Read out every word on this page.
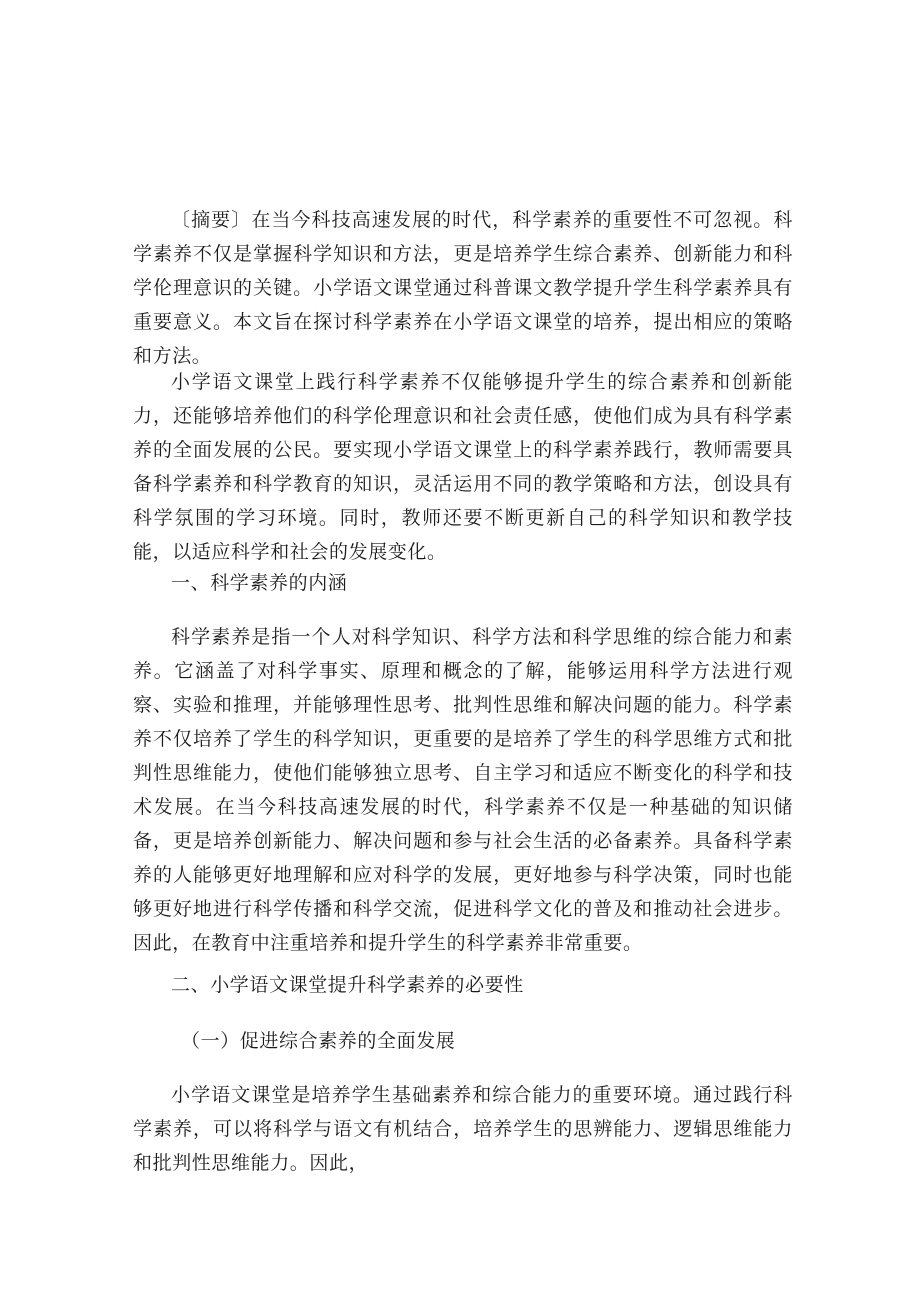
〔摘要〕在当今科技高速发展的时代，科学素养的重要性不可忽视。科学素养不仅是掌握科学知识和方法，更是培养学生综合素养、创新能力和科学伦理意识的关键。小学语文课堂通过科普课文教学提升学生科学素养具有重要意义。本文旨在探讨科学素养在小学语文课堂的培养，提出相应的策略和方法。

小学语文课堂上践行科学素养不仅能够提升学生的综合素养和创新能力，还能够培养他们的科学伦理意识和社会责任感，使他们成为具有科学素养的全面发展的公民。要实现小学语文课堂上的科学素养践行，教师需要具备科学素养和科学教育的知识，灵活运用不同的教学策略和方法，创设具有科学氛围的学习环境。同时，教师还要不断更新自己的科学知识和教学技能，以适应科学和社会的发展变化。

一、科学素养的内涵

科学素养是指一个人对科学知识、科学方法和科学思维的综合能力和素养。它涵盖了对科学事实、原理和概念的了解，能够运用科学方法进行观察、实验和推理，并能够理性思考、批判性思维和解决问题的能力。科学素养不仅培养了学生的科学知识，更重要的是培养了学生的科学思维方式和批判性思维能力，使他们能够独立思考、自主学习和适应不断变化的科学和技术发展。在当今科技高速发展的时代，科学素养不仅是一种基础的知识储备，更是培养创新能力、解决问题和参与社会生活的必备素养。具备科学素养的人能够更好地理解和应对科学的发展，更好地参与科学决策，同时也能够更好地进行科学传播和科学交流，促进科学文化的普及和推动社会进步。因此，在教育中注重培养和提升学生的科学素养非常重要。

二、小学语文课堂提升科学素养的必要性

（一）促进综合素养的全面发展

小学语文课堂是培养学生基础素养和综合能力的重要环境。通过践行科学素养，可以将科学与语文有机结合，培养学生的思辨能力、逻辑思维能力和批判性思维能力。因此，
